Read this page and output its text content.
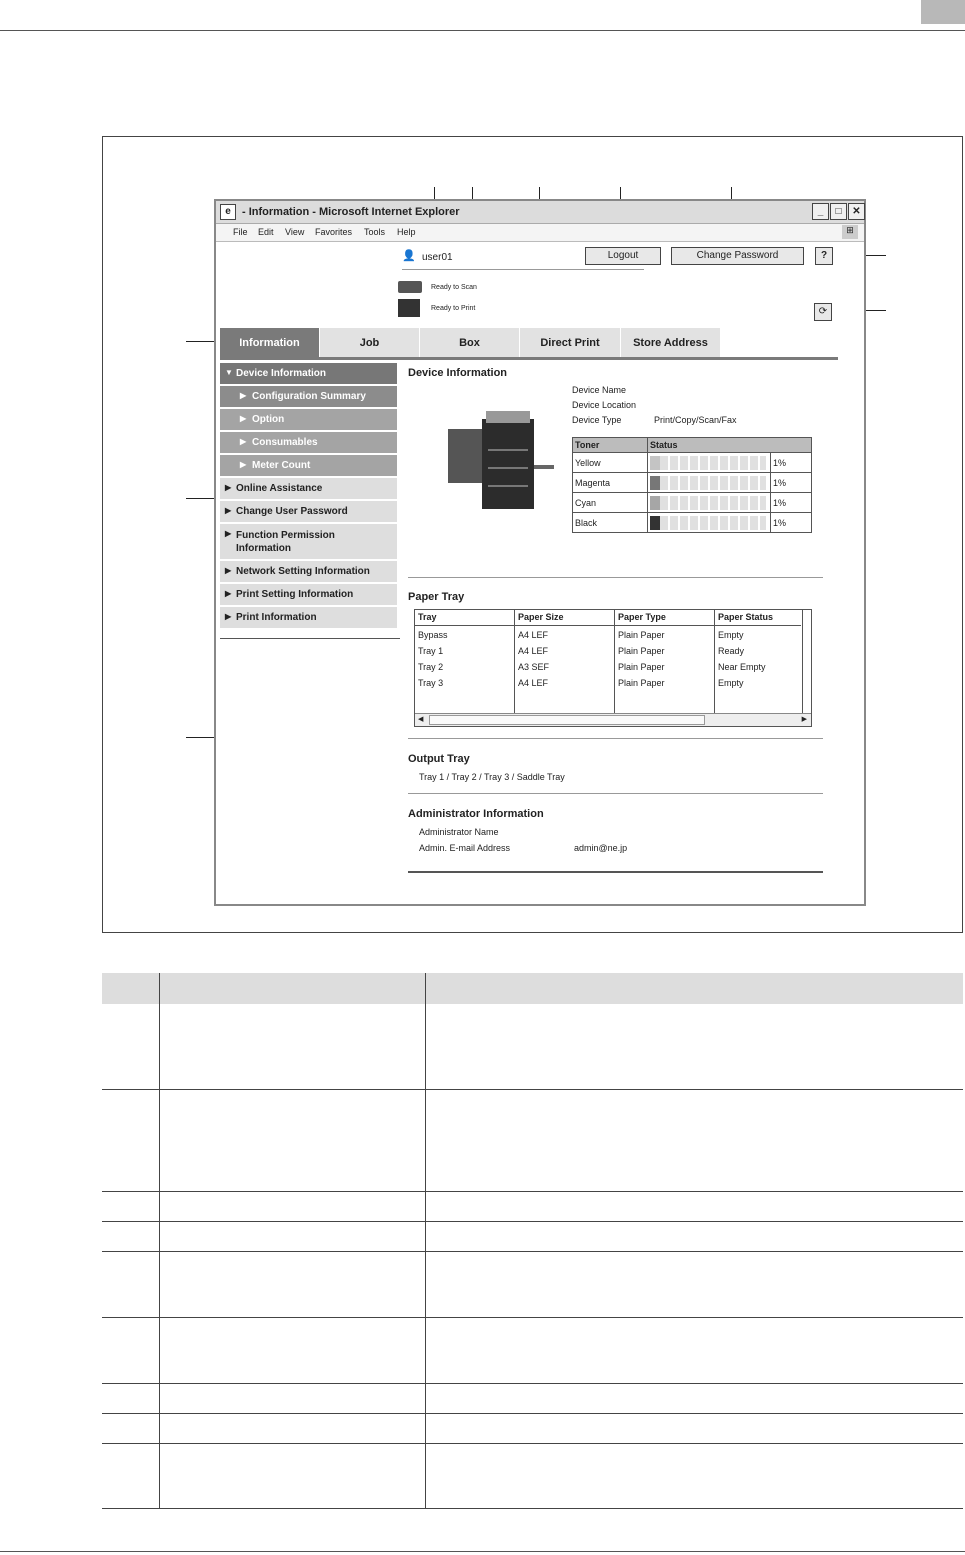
e	- Information - Microsoft Internet Explorer	_	□	✕
File Edit View Favorites Tools Help	⊞
👤 user01
Ready to Scan
Ready to Print
Logout	Change Password	?
⟳
Information	Job	Box	Direct Print	Store Address
▼ Device Information
▶ Configuration Summary
▶ Option
▶ Consumables
▶ Meter Count
▶ Online Assistance
▶ Change User Password
▶ Function Permission Information
▶ Network Setting Information
▶ Print Setting Information
▶ Print Information
Device Information
Device Name
Device Location
Device Type	Print/Copy/Scan/Fax
Toner	Status	
Yellow		1%
Magenta		1%
Cyan		1%
Black		1%
Paper Tray
Tray	Paper Size	Paper Type	Paper Status
Bypass	A4 LEF	Plain Paper	Empty
Tray 1	A4 LEF	Plain Paper	Ready
Tray 2	A3 SEF	Plain Paper	Near Empty
Tray 3	A4 LEF	Plain Paper	Empty
◀	▶
Output Tray
Tray 1 / Tray 2 / Tray 3 / Saddle Tray
Administrator Information
Administrator Name
Admin. E-mail Address	admin@ne.jp
